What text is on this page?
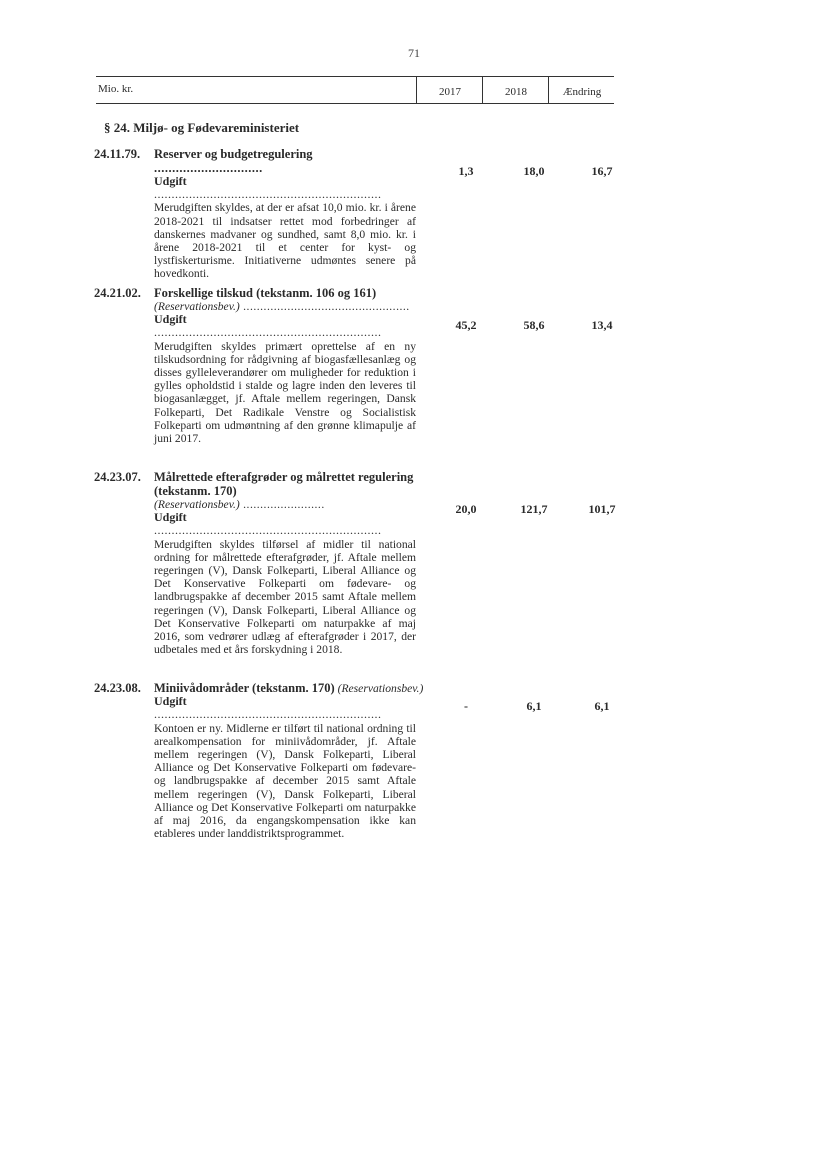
71
Mio. kr.	2017	2018	Ændring
§ 24. Miljø- og Fødevareministeriet
24.11.79. Reserver og budgetregulering ..............................
Udgift .................................................................
Merudgiften skyldes, at der er afsat 10,0 mio. kr. i årene 2018-2021 til indsatser rettet mod forbedringer af danskernes madvaner og sundhed, samt 8,0 mio. kr. i årene 2018-2021 til et center for kyst- og lystfiskerturisme. Initiativerne udmøntes senere på hovedkonti.
1,3	18,0	16,7
24.21.02. Forskellige tilskud (tekstanm. 106 og 161)
(Reservationsbev.) .................................................
Udgift .................................................................
Merudgiften skyldes primært oprettelse af en ny tilskudsordning for rådgivning af biogasfællesanlæg og disses gylleleverandører om muligheder for reduktion i gylles opholdstid i stalde og lagre inden den leveres til biogasanlægget, jf. Aftale mellem regeringen, Dansk Folkeparti, Det Radikale Venstre og Socialistisk Folkeparti om udmøntning af den grønne klimapulje af juni 2017.
45,2	58,6	13,4
24.23.07. Målrettede efterafgrøder og målrettet regulering (tekstanm. 170)
(Reservationsbev.) ........................
Udgift .................................................................
Merudgiften skyldes tilførsel af midler til national ordning for målrettede efterafgrøder, jf. Aftale mellem regeringen (V), Dansk Folkeparti, Liberal Alliance og Det Konservative Folkeparti om fødevare- og landbrugspakke af december 2015 samt Aftale mellem regeringen (V), Dansk Folkeparti, Liberal Alliance og Det Konservative Folkeparti om naturpakke af maj 2016, som vedrører udlæg af efterafgrøder i 2017, der udbetales med et års forskydning i 2018.
20,0	121,7	101,7
24.23.08. Miniivådområder (tekstanm. 170) (Reservationsbev.)
Udgift .................................................................
Kontoen er ny. Midlerne er tilført til national ordning til arealkompensation for miniivådområder, jf. Aftale mellem regeringen (V), Dansk Folkeparti, Liberal Alliance og Det Konservative Folkeparti om fødevare- og landbrugspakke af december 2015 samt Aftale mellem regeringen (V), Dansk Folkeparti, Liberal Alliance og Det Konservative Folkeparti om naturpakke af maj 2016, da engangskompensation ikke kan etableres under landdistriktsprogrammet.
-	6,1	6,1
